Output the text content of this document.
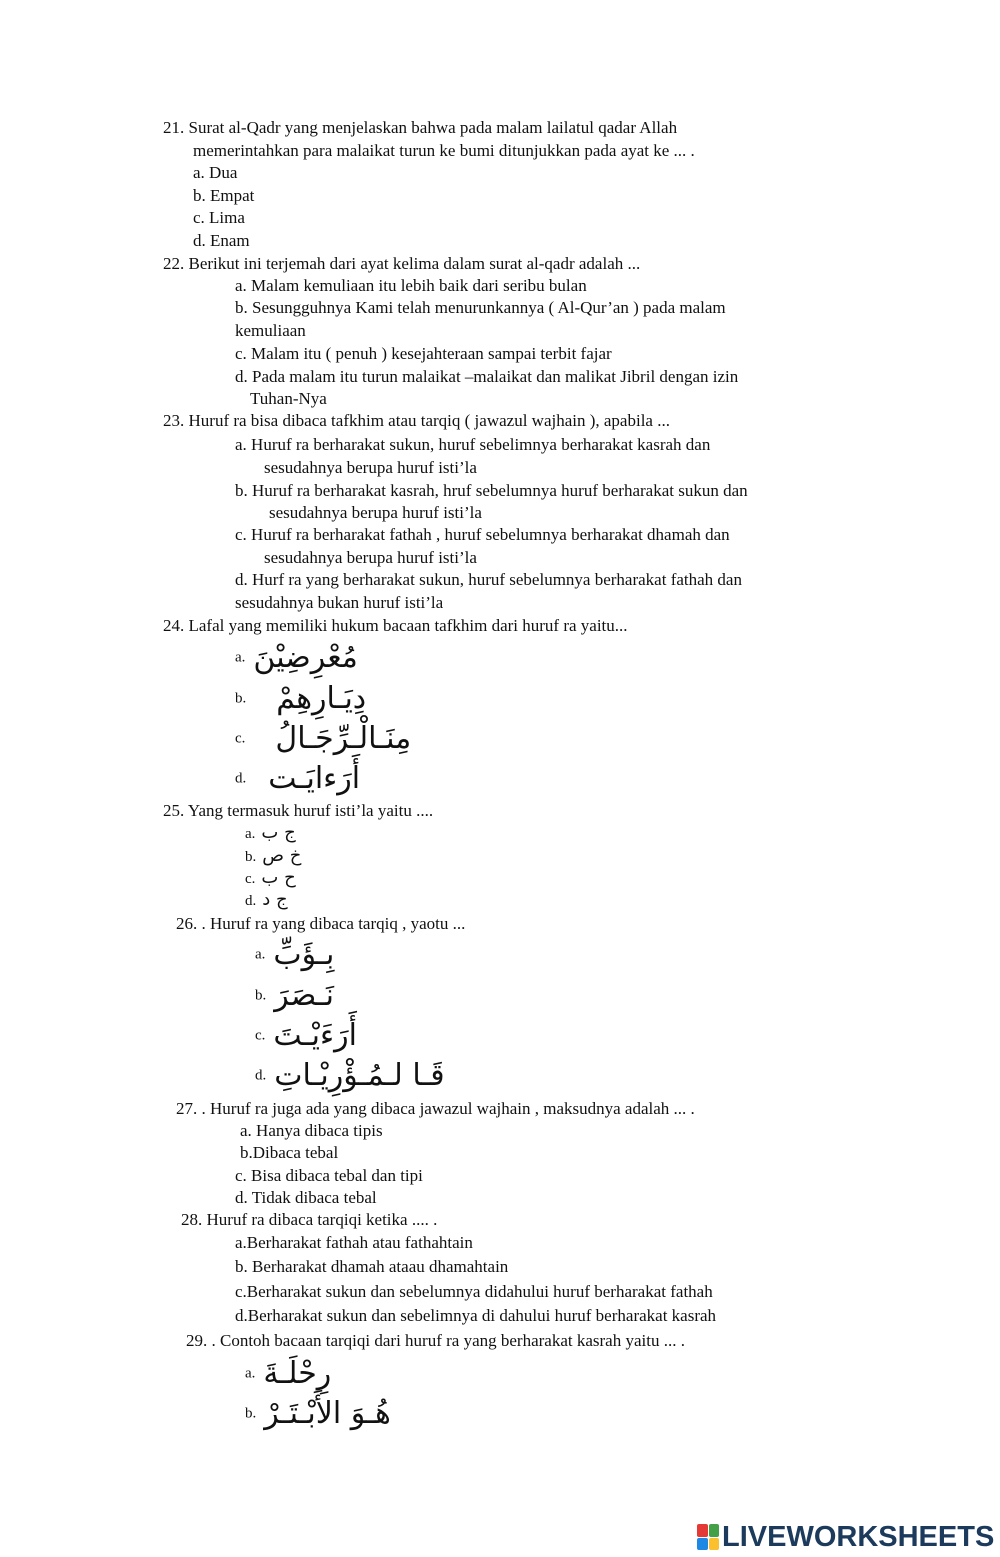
21. Surat al-Qadr yang menjelaskan bahwa pada malam lailatul qadar Allah
memerintahkan para malaikat turun ke bumi ditunjukkan pada ayat ke ... .
a. Dua
b. Empat
c. Lima
d. Enam
22. Berikut ini terjemah dari ayat kelima dalam surat al-qadr adalah ...
a. Malam kemuliaan itu lebih baik dari seribu bulan
b. Sesungguhnya Kami telah menurunkannya ( Al-Qur’an ) pada malam
kemuliaan
c. Malam itu ( penuh ) kesejahteraan sampai terbit fajar
d. Pada malam itu turun malaikat –malaikat dan malikat Jibril dengan izin
Tuhan-Nya
23. Huruf ra bisa dibaca tafkhim atau tarqiq ( jawazul wajhain ), apabila ...
a. Huruf ra berharakat sukun, huruf sebelimnya berharakat kasrah dan
sesudahnya berupa huruf isti’la
b. Huruf ra berharakat kasrah, hruf sebelumnya huruf berharakat sukun dan
sesudahnya berupa huruf isti’la
c. Huruf ra berharakat fathah , huruf sebelumnya berharakat dhamah dan
sesudahnya berupa huruf isti’la
d. Hurf ra yang berharakat sukun, huruf sebelumnya berharakat fathah dan
sesudahnya bukan huruf isti’la
24. Lafal yang memiliki hukum bacaan tafkhim dari huruf ra yaitu...
a. مُعْرِضِيْنَ
b. دِيَـارِهِمْ
c. مِنَـالْـرِّجَـالُ
d. أَرَءايَـت
25. Yang termasuk huruf isti’la yaitu ....
a. ج ب
b. خ ص
c. ح ب
d. ج د
26. . Huruf ra yang dibaca tarqiq , yaotu ...
a. بِـؤَبِّ
b. نَـصَرَ
c. أَرَءَيْـتَ
d. قَـا لـمُـؤْرِيْـاتِ
27. . Huruf ra juga ada yang dibaca jawazul wajhain , maksudnya adalah ... .
a. Hanya dibaca tipis
b.Dibaca tebal
c. Bisa dibaca tebal dan tipi
d. Tidak dibaca tebal
28. Huruf ra dibaca tarqiqi ketika .... .
a.Berharakat fathah atau fathahtain
b. Berharakat dhamah ataau dhamahtain
c.Berharakat sukun dan sebelumnya didahului huruf berharakat fathah
d.Berharakat sukun dan sebelimnya di dahului huruf berharakat kasrah
29. . Contoh bacaan tarqiqi dari huruf ra yang berharakat kasrah yaitu ... .
a. رِحْلَـةَ
b. هُـوَ الأَبْـتَـرْ
LIVEWORKSHEETS
